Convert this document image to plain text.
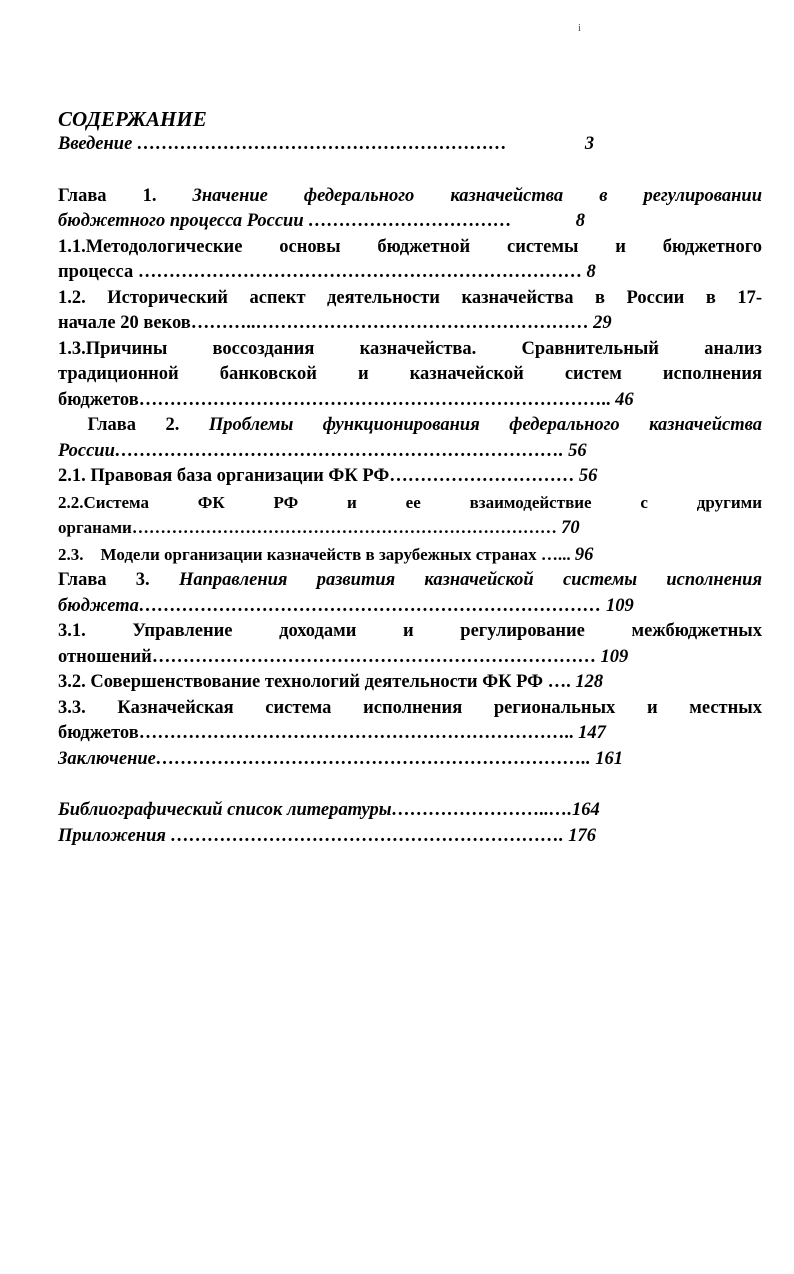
i

СОДЕРЖАНИЕ

Введение ……………………………………………………	3

Глава 1. Значение федерального казначейства в регулировании

бюджетного процесса России ……………………………	8

1.1.Методологические основы бюджетной системы и бюджетного

процесса ……………………………………………………………… 8

1.2. Исторический аспект деятельности казначейства в России в 17-

начале 20 веков………..……………………………………………… 29

1.3.Причины воссоздания казначейства. Сравнительный анализ

традиционной банковской и казначейской систем исполнения

бюджетов………………………………………………………………….. 46

Глава 2. Проблемы функционирования федерального казначейства

России………………………………………………………………. 56

2.1. Правовая база организации ФК РФ………………………… 56

2.2.Система ФК РФ и ее взаимодействие с другими

органами………………………………………………………………… 70

2.3.    Модели организации казначейств в зарубежных странах …... 96

Глава 3. Направления развития казначейской системы исполнения

бюджета………………………………………………………………… 109

3.1. Управление доходами и регулирование межбюджетных

отношений……………………………………………………………… 109

3.2. Совершенствование технологий деятельности ФК РФ …. 128

3.3. Казначейская система исполнения региональных и местных

бюджетов…………………………………………………………….. 147

Заключение…………………………………………………………….. 161

Библиографический список литературы……………………..….164

Приложения ………………………………………………………. 176
